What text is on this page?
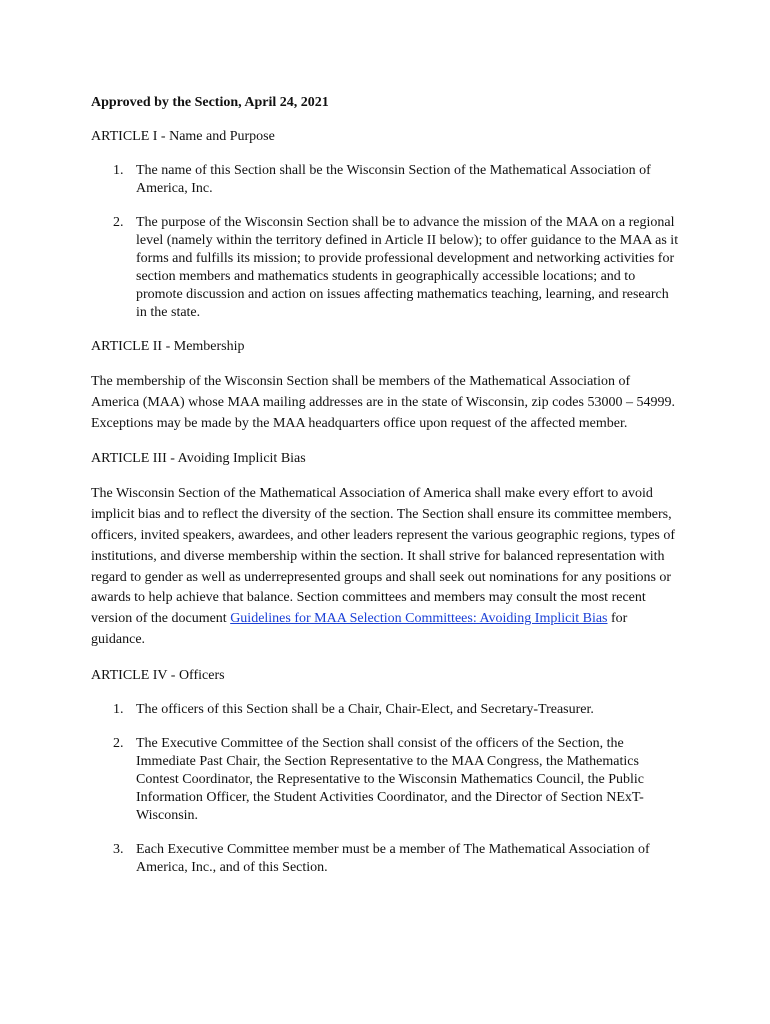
Approved by the Section, April 24, 2021
ARTICLE I - Name and Purpose
1. The name of this Section shall be the Wisconsin Section of the Mathematical Association of America, Inc.
2. The purpose of the Wisconsin Section shall be to advance the mission of the MAA on a regional level (namely within the territory defined in Article II below); to offer guidance to the MAA as it forms and fulfills its mission; to provide professional development and networking activities for section members and mathematics students in geographically accessible locations; and to promote discussion and action on issues affecting mathematics teaching, learning, and research in the state.
ARTICLE II - Membership

The membership of the Wisconsin Section shall be members of the Mathematical Association of America (MAA) whose MAA mailing addresses are in the state of Wisconsin, zip codes 53000 – 54999. Exceptions may be made by the MAA headquarters office upon request of the affected member.

ARTICLE III - Avoiding Implicit Bias

The Wisconsin Section of the Mathematical Association of America shall make every effort to avoid implicit bias and to reflect the diversity of the section. The Section shall ensure its committee members, officers, invited speakers, awardees, and other leaders represent the various geographic regions, types of institutions, and diverse membership within the section. It shall strive for balanced representation with regard to gender as well as underrepresented groups and shall seek out nominations for any positions or awards to help achieve that balance. Section committees and members may consult the most recent version of the document Guidelines for MAA Selection Committees: Avoiding Implicit Bias for guidance.

ARTICLE IV - Officers
1. The officers of this Section shall be a Chair, Chair-Elect, and Secretary-Treasurer.
2. The Executive Committee of the Section shall consist of the officers of the Section, the Immediate Past Chair, the Section Representative to the MAA Congress, the Mathematics Contest Coordinator, the Representative to the Wisconsin Mathematics Council, the Public Information Officer, the Student Activities Coordinator, and the Director of Section NExT-Wisconsin.
3. Each Executive Committee member must be a member of The Mathematical Association of America, Inc., and of this Section.
